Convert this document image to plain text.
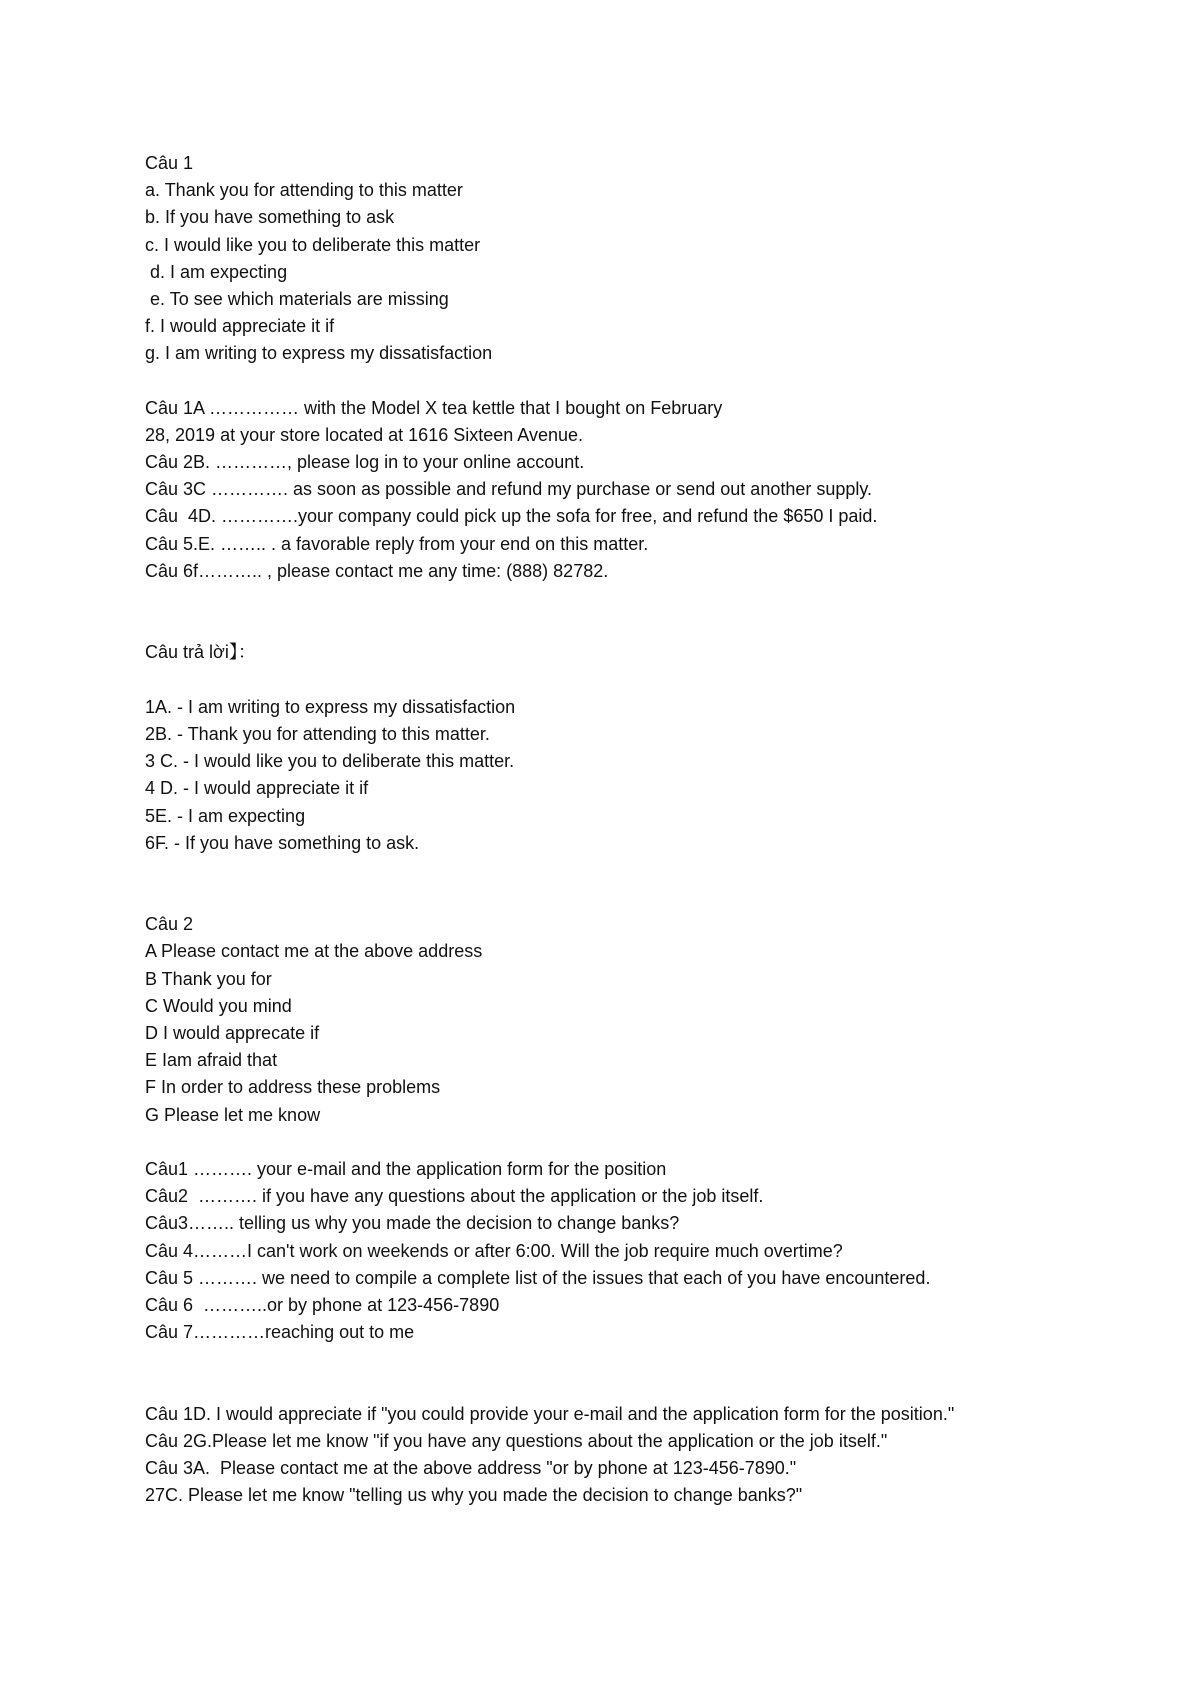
Câu 1
a. Thank you for attending to this matter
b. If you have something to ask
c. I would like you to deliberate this matter
d. I am expecting
e. To see which materials are missing
f. I would appreciate it if
g. I am writing to express my dissatisfaction
Câu 1A …………… with the Model X tea kettle that I bought on February
28, 2019 at your store located at 1616 Sixteen Avenue.
Câu 2B. …………, please log in to your online account.
Câu 3C …………. as soon as possible and refund my purchase or send out another supply.
Câu  4D. ………….your company could pick up the sofa for free, and refund the $650 I paid.
Câu 5.E. …….. . a favorable reply from your end on this matter.
Câu 6f……….. , please contact me any time: (888) 82782.
Câu trả lời】：
1A. - I am writing to express my dissatisfaction
2B. - Thank you for attending to this matter.
3 C. - I would like you to deliberate this matter.
4 D. - I would appreciate it if
5E. - I am expecting
6F. - If you have something to ask.
Câu 2
A Please contact me at the above address
B Thank you for
C Would you mind
D I would apprecate if
E Iam afraid that
F In order to address these problems
G Please let me know
Câu1 ………. your e-mail and the application form for the position
Câu2  ………. if you have any questions about the application or the job itself.
Câu3…….. telling us why you made the decision to change banks?
Câu 4………I can't work on weekends or after 6:00. Will the job require much overtime?
Câu 5 ………. we need to compile a complete list of the issues that each of you have encountered.
Câu 6  ………..or by phone at 123-456-7890
Câu 7…………reaching out to me
Câu 1D. I would appreciate if "you could provide your e-mail and the application form for the position."
Câu 2G.Please let me know "if you have any questions about the application or the job itself."
Câu 3A.  Please contact me at the above address "or by phone at 123-456-7890."
27C. Please let me know "telling us why you made the decision to change banks?"
